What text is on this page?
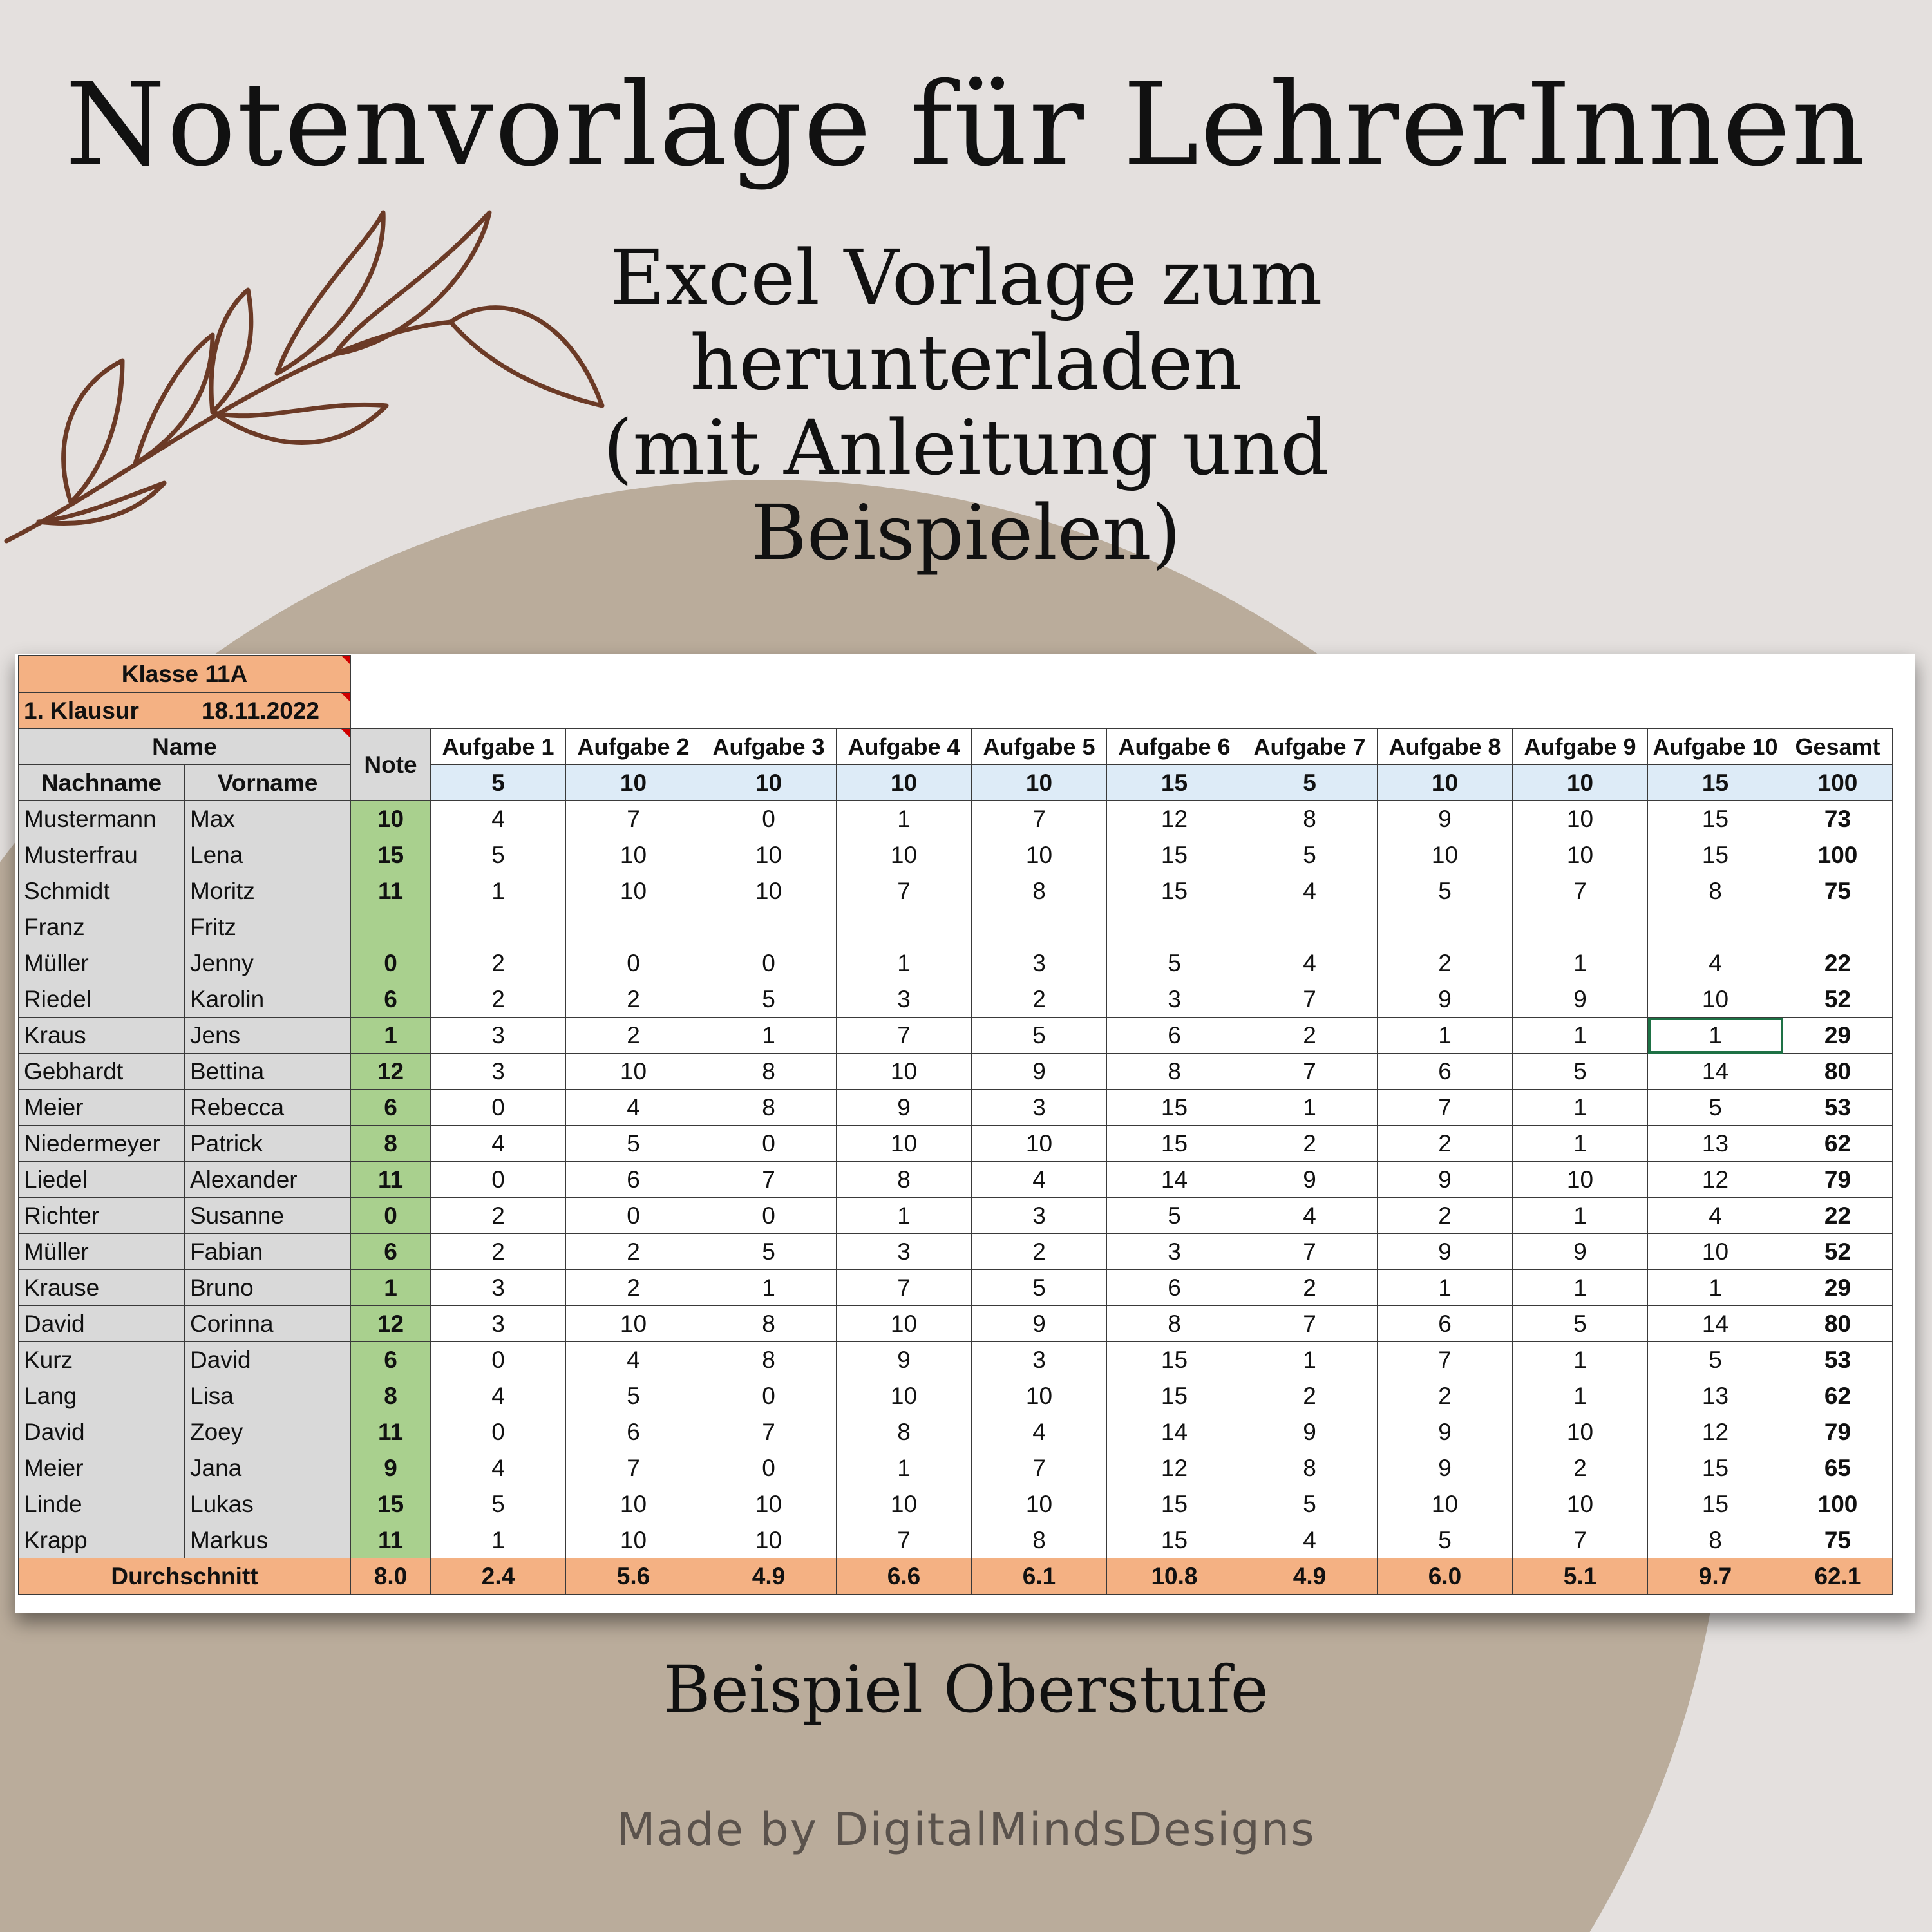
Notenvorlage für LehrerInnen
Excel Vorlage zum
herunterladen
(mit Anleitung und
Beispielen)
Klasse 11A												

1. Klausur 18.11.2022													

Name		Note	Aufgabe 1	Aufgabe 2	Aufgabe 3	Aufgabe 4	Aufgabe 5	Aufgabe 6	Aufgabe 7	Aufgabe 8	Aufgabe 9	Aufgabe 10	Gesamt
Nachname	Vorname		5	10	10	10	10	15	5	10	10	15	100
Mustermann	Max	10	4	7	0	1	7	12	8	9	10	15	73
Musterfrau	Lena	15	5	10	10	10	10	15	5	10	10	15	100
Schmidt	Moritz	11	1	10	10	7	8	15	4	5	7	8	75
Franz	Fritz												
Müller	Jenny	0	2	0	0	1	3	5	4	2	1	4	22
Riedel	Karolin	6	2	2	5	3	2	3	7	9	9	10	52
Kraus	Jens	1	3	2	1	7	5	6	2	1	1	1	29
Gebhardt	Bettina	12	3	10	8	10	9	8	7	6	5	14	80
Meier	Rebecca	6	0	4	8	9	3	15	1	7	1	5	53
Niedermeyer	Patrick	8	4	5	0	10	10	15	2	2	1	13	62
Liedel	Alexander	11	0	6	7	8	4	14	9	9	10	12	79
Richter	Susanne	0	2	0	0	1	3	5	4	2	1	4	22
Müller	Fabian	6	2	2	5	3	2	3	7	9	9	10	52
Krause	Bruno	1	3	2	1	7	5	6	2	1	1	1	29
David	Corinna	12	3	10	8	10	9	8	7	6	5	14	80
Kurz	David	6	0	4	8	9	3	15	1	7	1	5	53
Lang	Lisa	8	4	5	0	10	10	15	2	2	1	13	62
David	Zoey	11	0	6	7	8	4	14	9	9	10	12	79
Meier	Jana	9	4	7	0	1	7	12	8	9	2	15	65
Linde	Lukas	15	5	10	10	10	10	15	5	10	10	15	100
Krapp	Markus	11	1	10	10	7	8	15	4	5	7	8	75
Durchschnitt		8.0	2.4	5.6	4.9	6.6	6.1	10.8	4.9	6.0	5.1	9.7	62.1
Beispiel Oberstufe
Made by DigitalMindsDesigns
